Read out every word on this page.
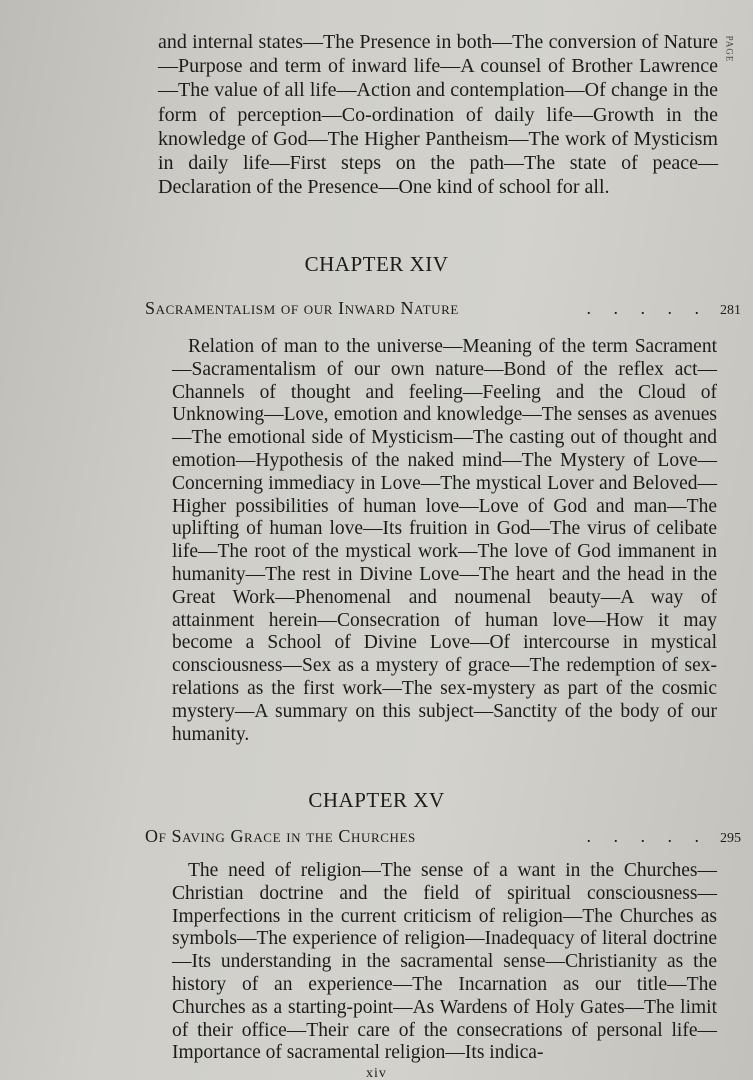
PAGE

and internal states—The Presence in both—The conversion of Nature—Purpose and term of inward life—A counsel of Brother Lawrence—The value of all life—Action and contemplation—Of change in the form of perception—Co-ordination of daily life—Growth in the knowledge of God—The Higher Pantheism—The work of Mysticism in daily life—First steps on the path—The state of peace—Declaration of the Presence—One kind of school for all.

CHAPTER XIV
Sacramentalism of our Inward Nature	. . . . . 281

Relation of man to the universe—Meaning of the term Sacrament—Sacramentalism of our own nature—Bond of the reflex act—Channels of thought and feeling—Feeling and the Cloud of Unknowing—Love, emotion and knowledge—The senses as avenues—The emotional side of Mysticism—The casting out of thought and emotion—Hypothesis of the naked mind—The Mystery of Love—Concerning immediacy in Love—The mystical Lover and Beloved—Higher possibilities of human love—Love of God and man—The uplifting of human love—Its fruition in God—The virus of celibate life—The root of the mystical work—The love of God immanent in humanity—The rest in Divine Love—The heart and the head in the Great Work—Phenomenal and noumenal beauty—A way of attainment herein—Consecration of human love—How it may become a School of Divine Love—Of intercourse in mystical consciousness—Sex as a mystery of grace—The redemption of sex-relations as the first work—The sex-mystery as part of the cosmic mystery—A summary on this subject—Sanctity of the body of our humanity.

CHAPTER XV
Of Saving Grace in the Churches	. . . . . 295

The need of religion—The sense of a want in the Churches—Christian doctrine and the field of spiritual consciousness—Imperfections in the current criticism of religion—The Churches as symbols—The experience of religion—Inadequacy of literal doctrine—Its understanding in the sacramental sense—Christianity as the history of an experience—The Incarnation as our title—The Churches as a starting-point—As Wardens of Holy Gates—The limit of their office—Their care of the consecrations of personal life—Importance of sacramental religion—Its indica-

xiv
